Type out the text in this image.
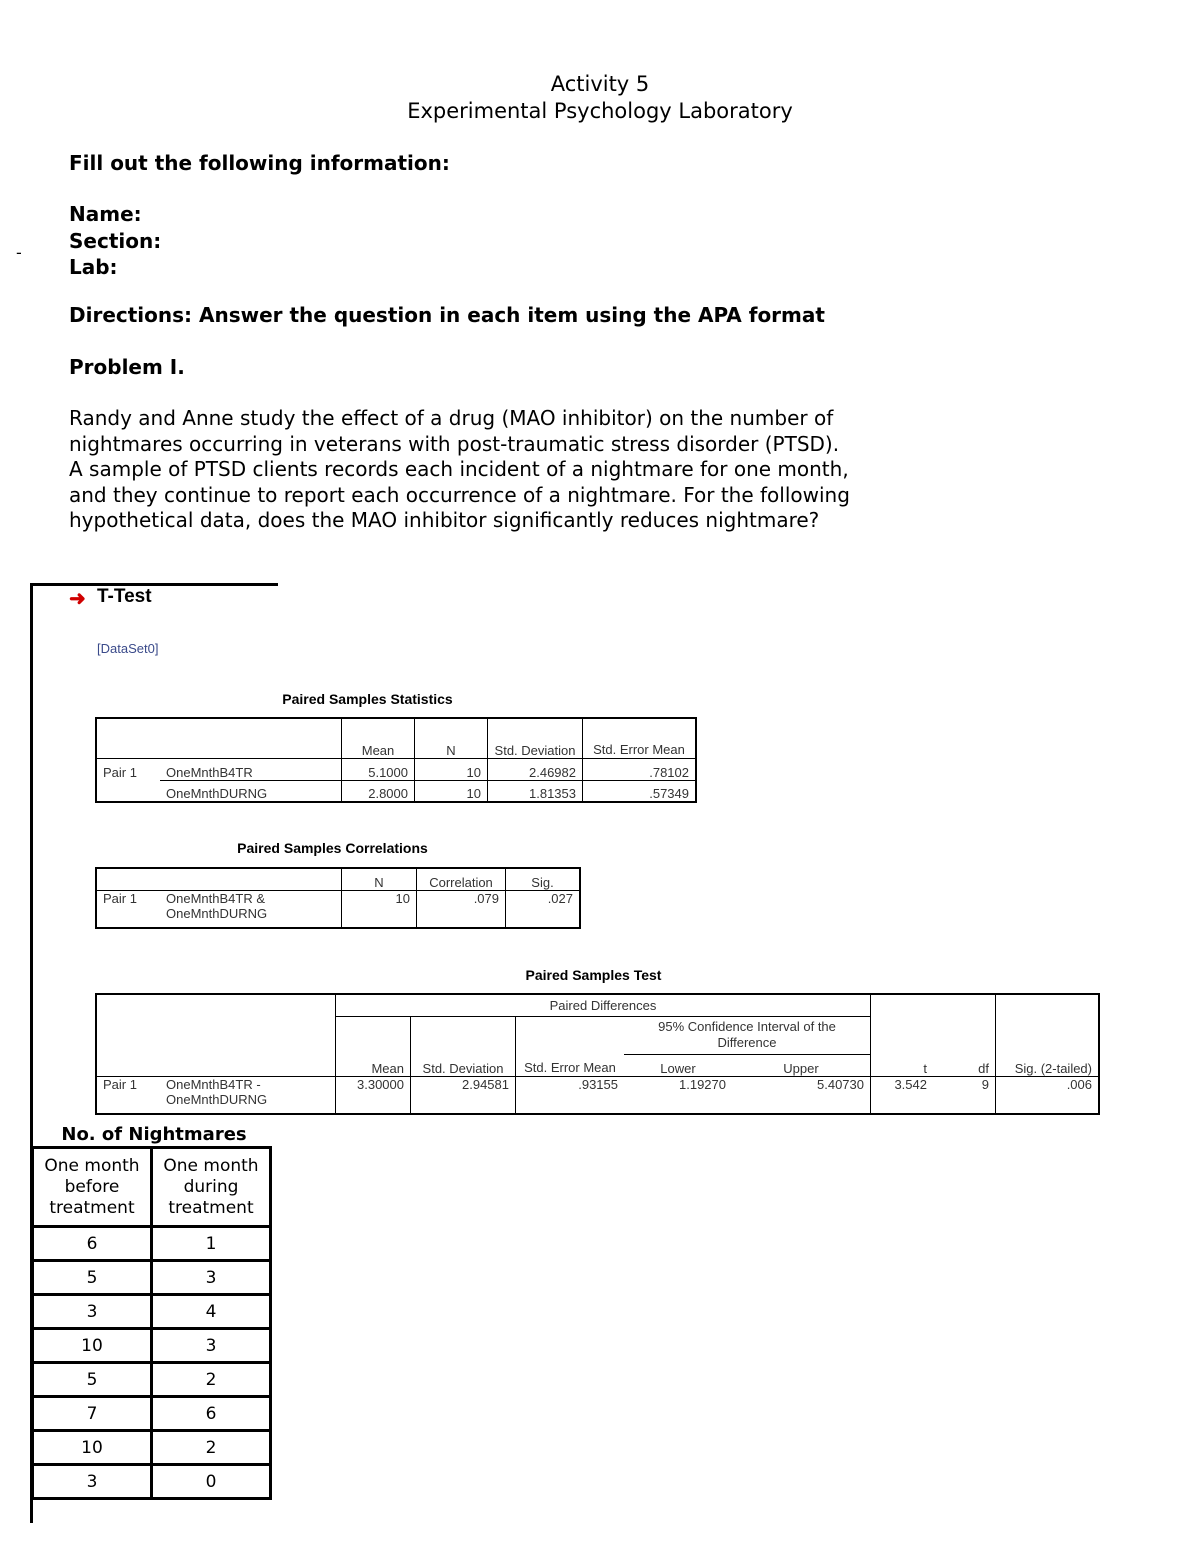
Activity 5
Experimental Psychology Laboratory
Fill out the following information:
Name:
Section:
Lab:
-
Directions: Answer the question in each item using the APA format
Problem I.
Randy and Anne study the effect of a drug (MAO inhibitor) on the number of nightmares occurring in veterans with post-traumatic stress disorder (PTSD). A sample of PTSD clients records each incident of a nightmare for one month, and they continue to report each occurrence of a nightmare. For the following hypothetical data, does the MAO inhibitor significantly reduces nightmare?
➜ T-Test
[DataSet0]
Paired Samples Statistics
		Mean	N	Std. Deviation	Std. Error Mean
Pair 1	OneMnthB4TR	5.1000	10	2.46982	.78102
	OneMnthDURNG	2.8000	10	1.81353	.57349
Paired Samples Correlations
		N	Correlation	Sig.
Pair 1	OneMnthB4TR & OneMnthDURNG	10	.079	.027
Paired Samples Test
		Paired Differences					t	df	Sig. (2-tailed)
		Mean	Std. Deviation	Std. Error Mean	95% Confidence Interval of the Difference				
					Lower	Upper			
Pair 1	OneMnthB4TR - OneMnthDURNG	3.30000	2.94581	.93155	1.19270	5.40730	3.542	9	.006
No. of Nightmares
One month before treatment	One month during treatment
6	1
5	3
3	4
10	3
5	2
7	6
10	2
3	0
